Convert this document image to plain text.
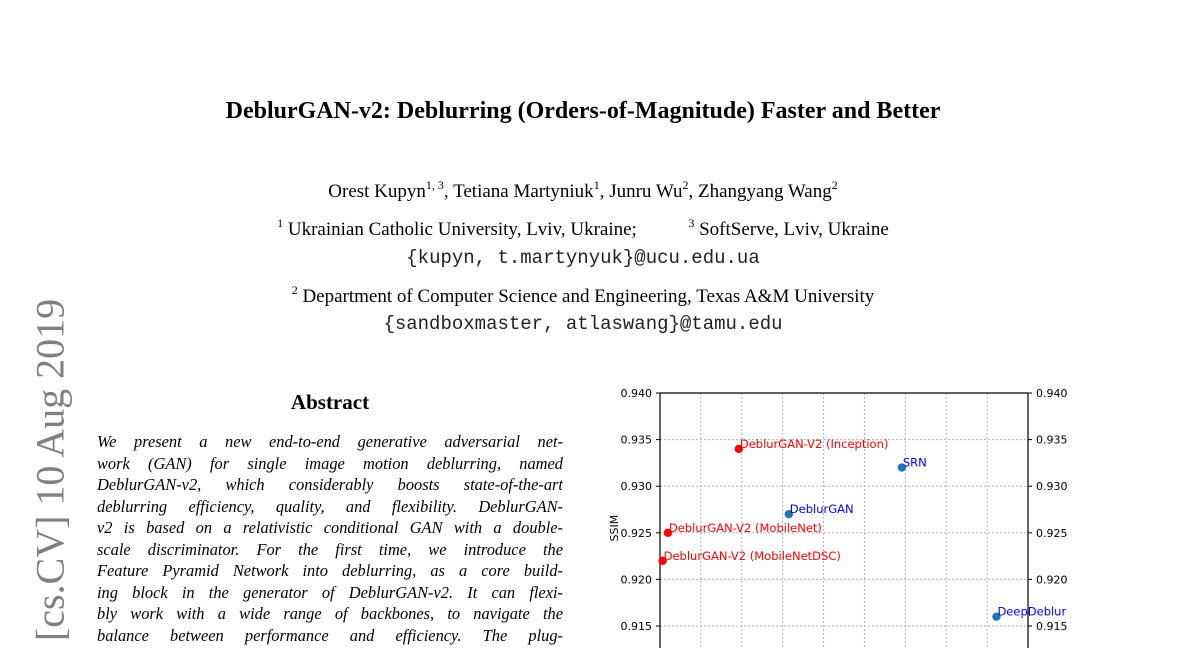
[cs.CV] 10 Aug 2019
DeblurGAN-v2: Deblurring (Orders-of-Magnitude) Faster and Better
Orest Kupyn$^{1, 3}$, Tetiana Martyniuk$^1$, Junru Wu$^2$, Zhangyang Wang$^2$
$^1$ Ukrainian Catholic University, Lviv, Ukraine;	$^3$ SoftServe, Lviv, Ukraine
{kupyn, t.martynyuk}@ucu.edu.ua
$^2$ Department of Computer Science and Engineering, Texas A&M University
{sandboxmaster, atlaswang}@tamu.edu
Abstract
We present a new end-to-end generative adversarial net-
work (GAN) for single image motion deblurring, named
DeblurGAN-v2, which considerably boosts state-of-the-art
deblurring efficiency, quality, and flexibility. DeblurGAN-
v2 is based on a relativistic conditional GAN with a double-
scale discriminator. For the first time, we introduce the
Feature Pyramid Network into deblurring, as a core build-
ing block in the generator of DeblurGAN-v2. It can flexi-
bly work with a wide range of backbones, to navigate the
balance between performance and efficiency. The plug-
0.940	0.940
0.935	0.935
0.930	0.930
0.925	0.925
0.920	0.920
0.915	0.915
SSIM
DeblurGAN-V2 (Inception)
SRN
DeblurGAN
DeblurGAN-V2 (MobileNet)
DeblurGAN-V2 (MobileNetDSC)
DeepDeblur
